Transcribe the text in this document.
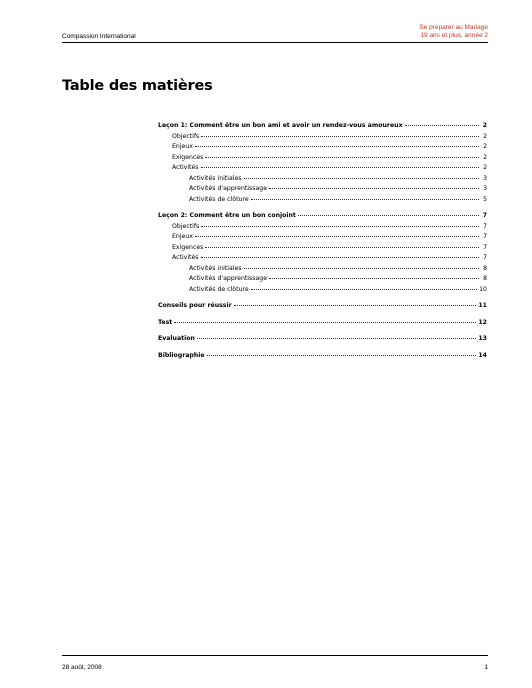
Compassion International
Se préparer au Mariage
19 ans et plus, année 2
Table des matières
Leçon 1: Comment être un bon ami et avoir un rendez-vous amoureux	2
Objectifs	2
Enjeux	2
Exigences	2
Activités	2
Activités initiales	3
Activités d'apprentissage	3
Activités de clôture	5
Leçon 2: Comment être un bon conjoint	7
Objectifs	7
Enjeux	7
Exigences	7
Activités	7
Activités initiales	8
Activités d'apprentissage	8
Activités de clôture	10
Conseils pour réussir	11
Test	12
Evaluation	13
Bibliographie	14
28 août, 2008	1
